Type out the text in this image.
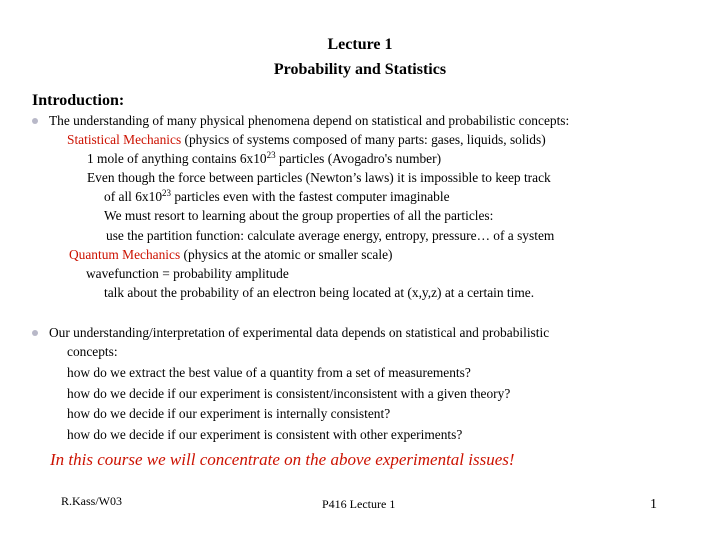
Lecture 1
Probability and Statistics
Introduction:
The understanding of many physical phenomena depend on statistical and probabilistic concepts:
Statistical Mechanics (physics of systems composed of many parts: gases, liquids, solids)
1 mole of anything contains $6x10^{23}$ particles (Avogadro's number)
Even though the force between particles (Newton’s laws) it is impossible to keep track
of all $6x10^{23}$ particles even with the fastest computer imaginable
We must resort to learning about the group properties of all the particles:
use the partition function: calculate average energy, entropy, pressure… of a system
Quantum Mechanics (physics at the atomic or smaller scale)
wavefunction = probability amplitude
talk about the probability of an electron being located at (x,y,z) at a certain time.
Our understanding/interpretation of experimental data depends on statistical and probabilistic
concepts:
how do we extract the best value of a quantity from a set of measurements?
how do we decide if our experiment is consistent/inconsistent with a given theory?
how do we decide if our experiment is internally consistent?
how do we decide if our experiment is consistent with other experiments?
In this course we will concentrate on the above experimental issues!
R.Kass/W03	P416 Lecture 1	1
